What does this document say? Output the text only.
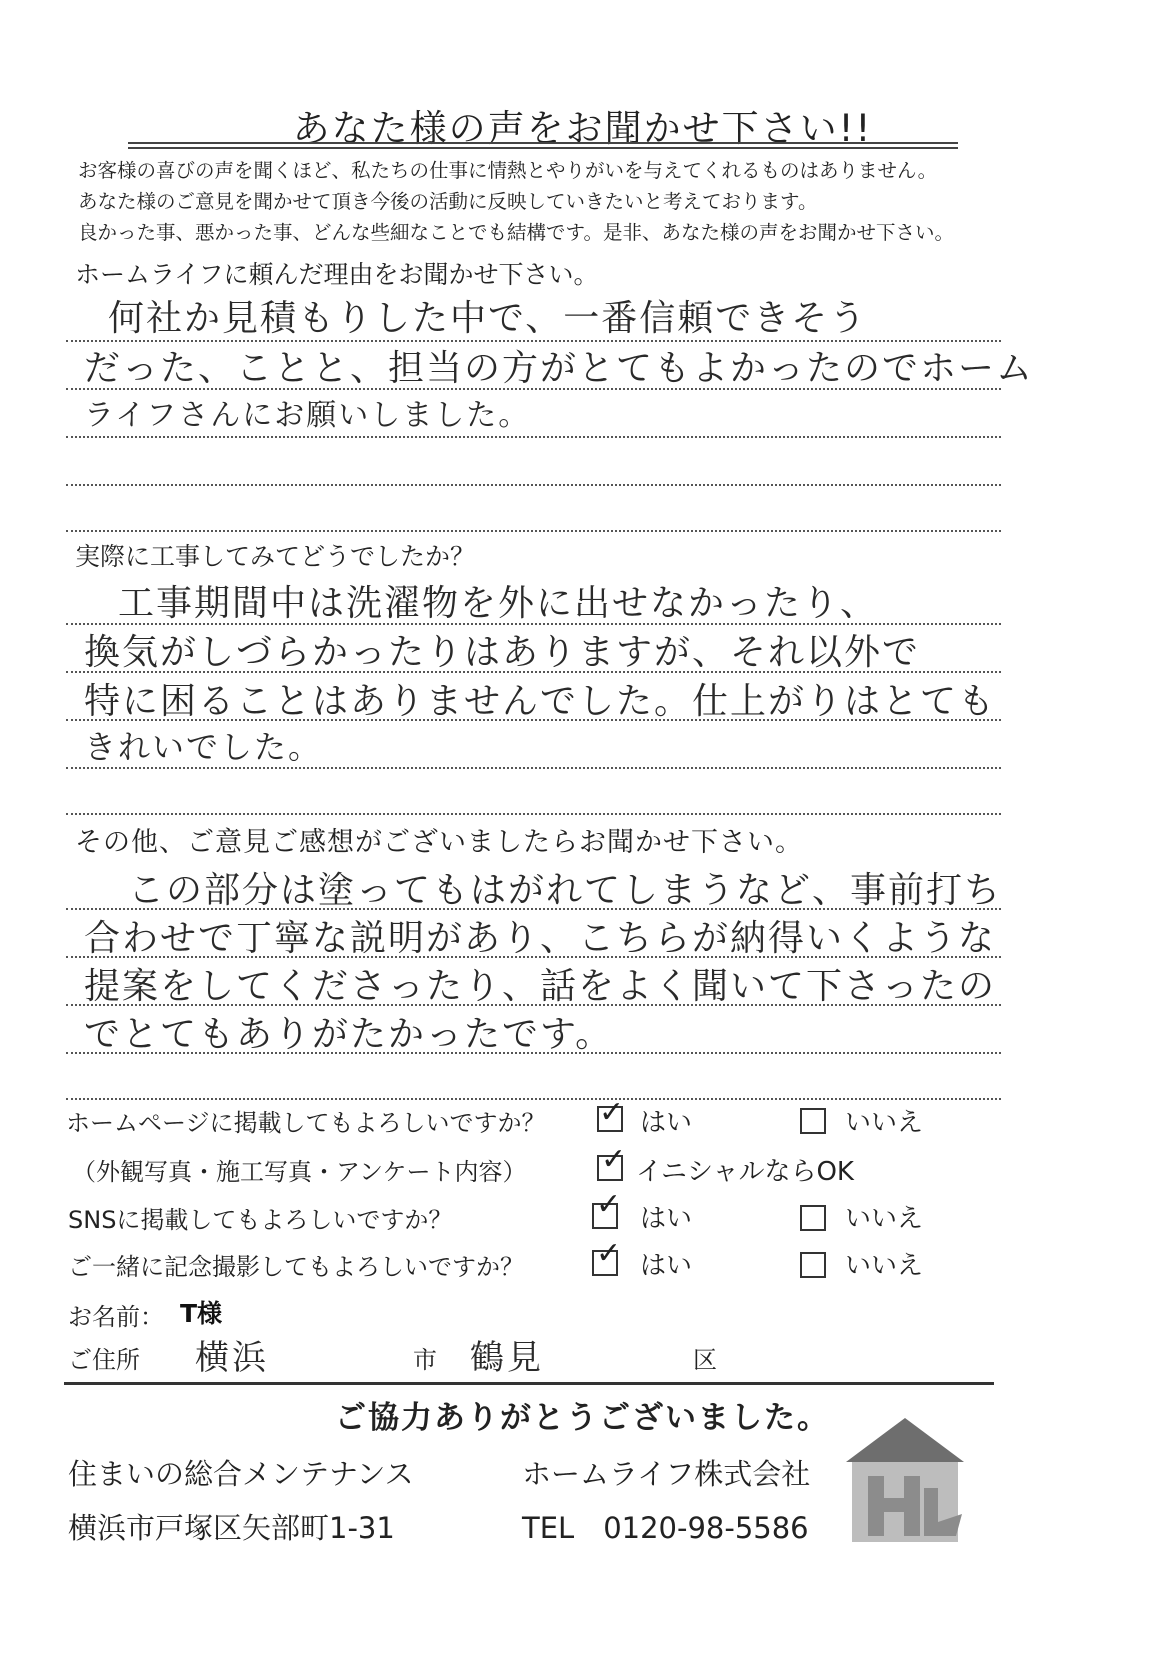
あなた様の声をお聞かせ下さい!!
お客様の喜びの声を聞くほど、私たちの仕事に情熱とやりがいを与えてくれるものはありません。
あなた様のご意見を聞かせて頂き今後の活動に反映していきたいと考えております。
良かった事、悪かった事、どんな些細なことでも結構です。是非、あなた様の声をお聞かせ下さい。
ホームライフに頼んだ理由をお聞かせ下さい。
何社か見積もりした中で、一番信頼できそう
だった、ことと、担当の方がとてもよかったのでホーム
ライフさんにお願いしました。
実際に工事してみてどうでしたか？
工事期間中は洗濯物を外に出せなかったり、
換気がしづらかったりはありますが、それ以外で
特に困ることはありませんでした。仕上がりはとても
きれいでした。
その他、ご意見ご感想がございましたらお聞かせ下さい。
この部分は塗ってもはがれてしまうなど、事前打ち
合わせで丁寧な説明があり、こちらが納得いくような
提案をしてくださったり、話をよく聞いて下さったの
でとてもありがたかったです。
ホームページに掲載してもよろしいですか？ ✓ はい	いいえ
（外観写真・施工写真・アンケート内容） ✓ イニシャルならOK
SNSに掲載してもよろしいですか？	✓ はい	いいえ
ご一緒に記念撮影してもよろしいですか？ ✓ はい	いいえ
お名前： T様
ご住所 横浜	市 鶴見	区
ご協力ありがとうございました。
住まいの総合メンテナンス	ホームライフ株式会社
横浜市戸塚区矢部町1-31	TEL　0120-98-5586
